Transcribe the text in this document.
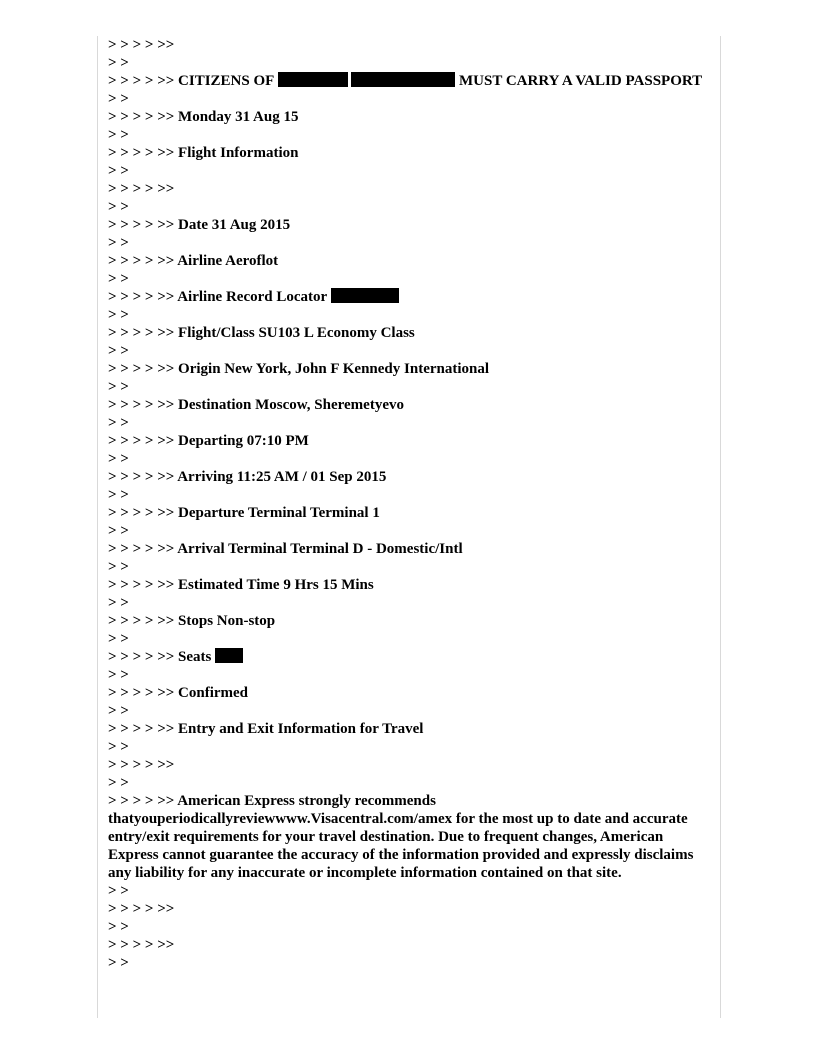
> > > > >>
> >
> > > > >> CITIZENS OF	MUST CARRY A VALID PASSPORT
> >
> > > > >> Monday 31 Aug 15
> >
> > > > >> Flight Information
> >
> > > > >>
> >
> > > > >> Date 31 Aug 2015
> >
> > > > >> Airline Aeroflot
> >
> > > > >> Airline Record Locator
> >
> > > > >> Flight/Class SU103 L Economy Class
> >
> > > > >> Origin New York, John F Kennedy International
> >
> > > > >> Destination Moscow, Sheremetyevo
> >
> > > > >> Departing 07:10 PM
> >
> > > > >> Arriving 11:25 AM / 01 Sep 2015
> >
> > > > >> Departure Terminal Terminal 1
> >
> > > > >> Arrival Terminal Terminal D - Domestic/Intl
> >
> > > > >> Estimated Time 9 Hrs 15 Mins
> >
> > > > >> Stops Non-stop
> >
> > > > >> Seats
> >
> > > > >> Confirmed
> >
> > > > >> Entry and Exit Information for Travel
> >
> > > > >>
> >
> > > > >> American Express strongly recommends thatyouperiodicallyreviewwww.Visacentral.com/amex for the most up to date and accurate entry/exit requirements for your travel destination. Due to frequent changes, American Express cannot guarantee the accuracy of the information provided and expressly disclaims any liability for any inaccurate or incomplete information contained on that site.
> >
> > > > >>
> >
> > > > >>
> >
